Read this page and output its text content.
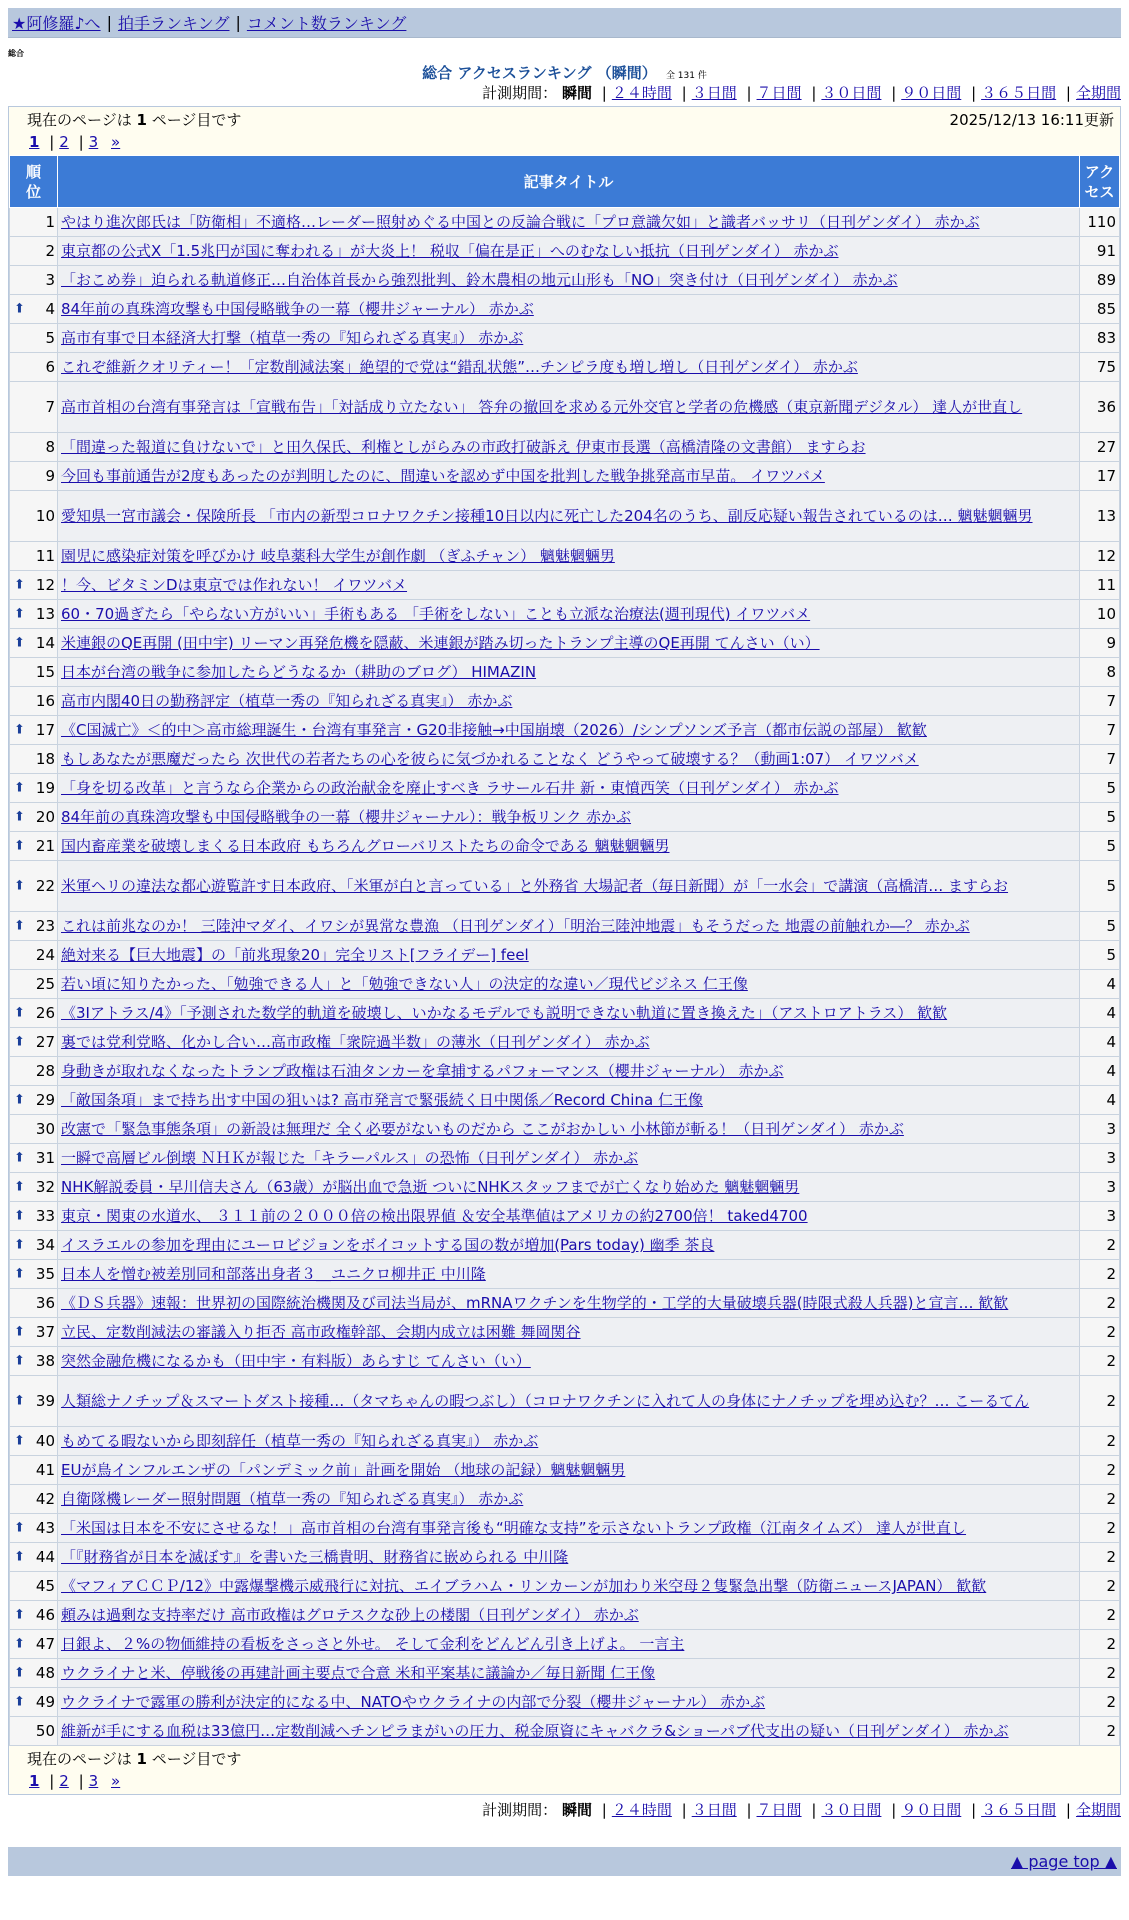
★阿修羅♪へ | 拍手ランキング | コメント数ランキング
総合
総合 アクセスランキング （瞬間） 全 131 件
計測期間： 瞬間 | ２４時間 | ３日間 | ７日間 | ３０日間 | ９０日間 | ３６５日間 | 全期間
現在のページは 1 ページ目です	2025/12/13 16:11更新
1 | 2 | 3 »
順
位	記事タイトル	アク
セス
1	やはり進次郎氏は「防衛相」不適格…レーダー照射めぐる中国との反論合戦に「プロ意識欠如」と識者バッサリ（日刊ゲンダイ） 赤かぶ	110
2	東京都の公式X「1.5兆円が国に奪われる」が大炎上！ 税収「偏在是正」へのむなしい抵抗（日刊ゲンダイ） 赤かぶ	91
3	「おこめ券」迫られる軌道修正…自治体首長から強烈批判、鈴木農相の地元山形も「NO」突き付け（日刊ゲンダイ） 赤かぶ	89

⬆ 4	84年前の真珠湾攻撃も中国侵略戦争の一幕（櫻井ジャーナル） 赤かぶ	85
5	高市有事で日本経済大打撃（植草一秀の『知られざる真実』） 赤かぶ	83
6	これぞ維新クオリティー！「定数削減法案」絶望的で党は“錯乱状態”…チンピラ度も増し増し（日刊ゲンダイ） 赤かぶ	75
7	高市首相の台湾有事発言は「宣戦布告」「対話成り立たない」 答弁の撤回を求める元外交官と学者の危機感（東京新聞デジタル） 達人が世直し	36
8	「間違った報道に負けないで」と田久保氏、利権としがらみの市政打破訴え 伊東市長選（高橋清隆の文書館） ますらお	27
9	今回も事前通告が2度もあったのが判明したのに、間違いを認めず中国を批判した戦争挑発高市早苗。 イワツバメ	17
10	愛知県一宮市議会・保険所長 「市内の新型コロナワクチン接種10日以内に死亡した204名のうち、副反応疑い報告されているのは… 魑魅魍魎男	13
11	園児に感染症対策を呼びかけ 岐阜薬科大学生が創作劇 （ぎふチャン） 魑魅魍魎男	12

⬆ 12	！今、ビタミンDは東京では作れない！ イワツバメ	11

⬆ 13	60・70過ぎたら「やらない方がいい」手術もある 「手術をしない」ことも立派な治療法(週刊現代) イワツバメ	10

⬆ 14	米連銀のQE再開 (田中宇) リーマン再発危機を隠蔽、米連銀が踏み切ったトランプ主導のQE再開 てんさい（い）	9
15	日本が台湾の戦争に参加したらどうなるか（耕助のブログ） HIMAZIN	8
16	高市内閣40日の勤務評定（植草一秀の『知られざる真実』） 赤かぶ	7

⬆ 17	《C国滅亡》＜的中＞高市総理誕生・台湾有事発言・G20非接触→中国崩壊（2026）/シンプソンズ予言（都市伝説の部屋） 歓歓	7
18	もしあなたが悪魔だったら 次世代の若者たちの心を彼らに気づかれることなく どうやって破壊する？（動画1:07） イワツバメ	7

⬆ 19	「身を切る改革」と言うなら企業からの政治献金を廃止すべき ラサール石井 新・東憤西笑（日刊ゲンダイ） 赤かぶ	5

⬆ 20	84年前の真珠湾攻撃も中国侵略戦争の一幕（櫻井ジャーナル）：戦争板リンク 赤かぶ	5

⬆ 21	国内畜産業を破壊しまくる日本政府 もちろんグローバリストたちの命令である 魑魅魍魎男	5

⬆ 22	米軍ヘリの違法な都心遊覧許す日本政府、「米軍が白と言っている」と外務省 大場記者（毎日新聞）が「一水会」で講演（高橋清… ますらお	5

⬆ 23	これは前兆なのか！ 三陸沖マダイ、イワシが異常な豊漁 （日刊ゲンダイ）「明治三陸沖地震」もそうだった 地震の前触れか―？ 赤かぶ	5
24	絶対来る【巨大地震】の「前兆現象20」完全リスト[フライデー] feel	5
25	若い頃に知りたかった、「勉強できる人」と「勉強できない人」の決定的な違い／現代ビジネス 仁王像	4

⬆ 26	《3Iアトラス/4》「予測された数学的軌道を破壊し、いかなるモデルでも説明できない軌道に置き換えた」（アストロアトラス） 歓歓	4

⬆ 27	裏では党利党略、化かし合い…高市政権「衆院過半数」の薄氷（日刊ゲンダイ） 赤かぶ	4
28	身動きが取れなくなったトランプ政権は石油タンカーを拿捕するパフォーマンス（櫻井ジャーナル） 赤かぶ	4

⬆ 29	「敵国条項」まで持ち出す中国の狙いは? 高市発言で緊張続く日中関係／Record China 仁王像	4
30	改憲で「緊急事態条項」の新設は無理だ 全く必要がないものだから ここがおかしい 小林節が斬る！（日刊ゲンダイ） 赤かぶ	3

⬆ 31	一瞬で高層ビル倒壊 ＮＨＫが報じた「キラーパルス」の恐怖（日刊ゲンダイ） 赤かぶ	3

⬆ 32	NHK解説委員・早川信夫さん（63歳）が脳出血で急逝 ついにNHKスタッフまでが亡くなり始めた 魑魅魍魎男	3

⬆ 33	東京・関東の水道水、 ３１１前の２０００倍の検出限界値 ＆安全基準値はアメリカの約2700倍！ taked4700	3

⬆ 34	イスラエルの参加を理由にユーロビジョンをボイコットする国の数が増加(Pars today) 幽季 茶良	2

⬆ 35	日本人を憎む被差別同和部落出身者３＿ユニクロ柳井正 中川隆	2
36	《ＤＳ兵器》速報：世界初の国際統治機関及び司法当局が、mRNAワクチンを生物学的・工学的大量破壊兵器(時限式殺人兵器)と宣言… 歓歓	2

⬆ 37	立民、定数削減法の審議入り拒否 高市政権幹部、会期内成立は困難 舞岡関谷	2

⬆ 38	突然金融危機になるかも（田中宇・有料版）あらすじ てんさい（い）	2

⬆ 39	人類総ナノチップ＆スマートダスト接種…（タマちゃんの暇つぶし）（コロナワクチンに入れて人の身体にナノチップを埋め込む？… こーるてん	2

⬆ 40	もめてる暇ないから即刻辞任（植草一秀の『知られざる真実』） 赤かぶ	2
41	EUが鳥インフルエンザの「パンデミック前」計画を開始 （地球の記録）魑魅魍魎男	2
42	自衛隊機レーダー照射問題（植草一秀の『知られざる真実』） 赤かぶ	2

⬆ 43	「米国は日本を不安にさせるな！」高市首相の台湾有事発言後も“明確な支持”を示さないトランプ政権（江南タイムズ） 達人が世直し	2

⬆ 44	「『財務省が日本を滅ぼす』を書いた三橋貴明、財務省に嵌められる 中川隆	2
45	《マフィアＣＣＰ/12》中露爆撃機示威飛行に対抗、エイブラハム・リンカーンが加わり米空母２隻緊急出撃（防衛ニュースJAPAN） 歓歓	2

⬆ 46	頼みは過剰な支持率だけ 高市政権はグロテスクな砂上の楼閣（日刊ゲンダイ） 赤かぶ	2

⬆ 47	日銀よ、２%の物価維持の看板をさっさと外せ。 そして金利をどんどん引き上げよ。 一言主	2

⬆ 48	ウクライナと米、停戦後の再建計画主要点で合意 米和平案基に議論か／毎日新聞 仁王像	2

⬆ 49	ウクライナで露軍の勝利が決定的になる中、NATOやウクライナの内部で分裂（櫻井ジャーナル） 赤かぶ	2
50	維新が手にする血税は33億円…定数削減ヘチンピラまがいの圧力、税金原資にキャバクラ&ショーパブ代支出の疑い（日刊ゲンダイ） 赤かぶ	2
現在のページは 1 ページ目です
1 | 2 | 3 »
計測期間： 瞬間 | ２４時間 | ３日間 | ７日間 | ３０日間 | ９０日間 | ３６５日間 | 全期間
▲ page top ▲
